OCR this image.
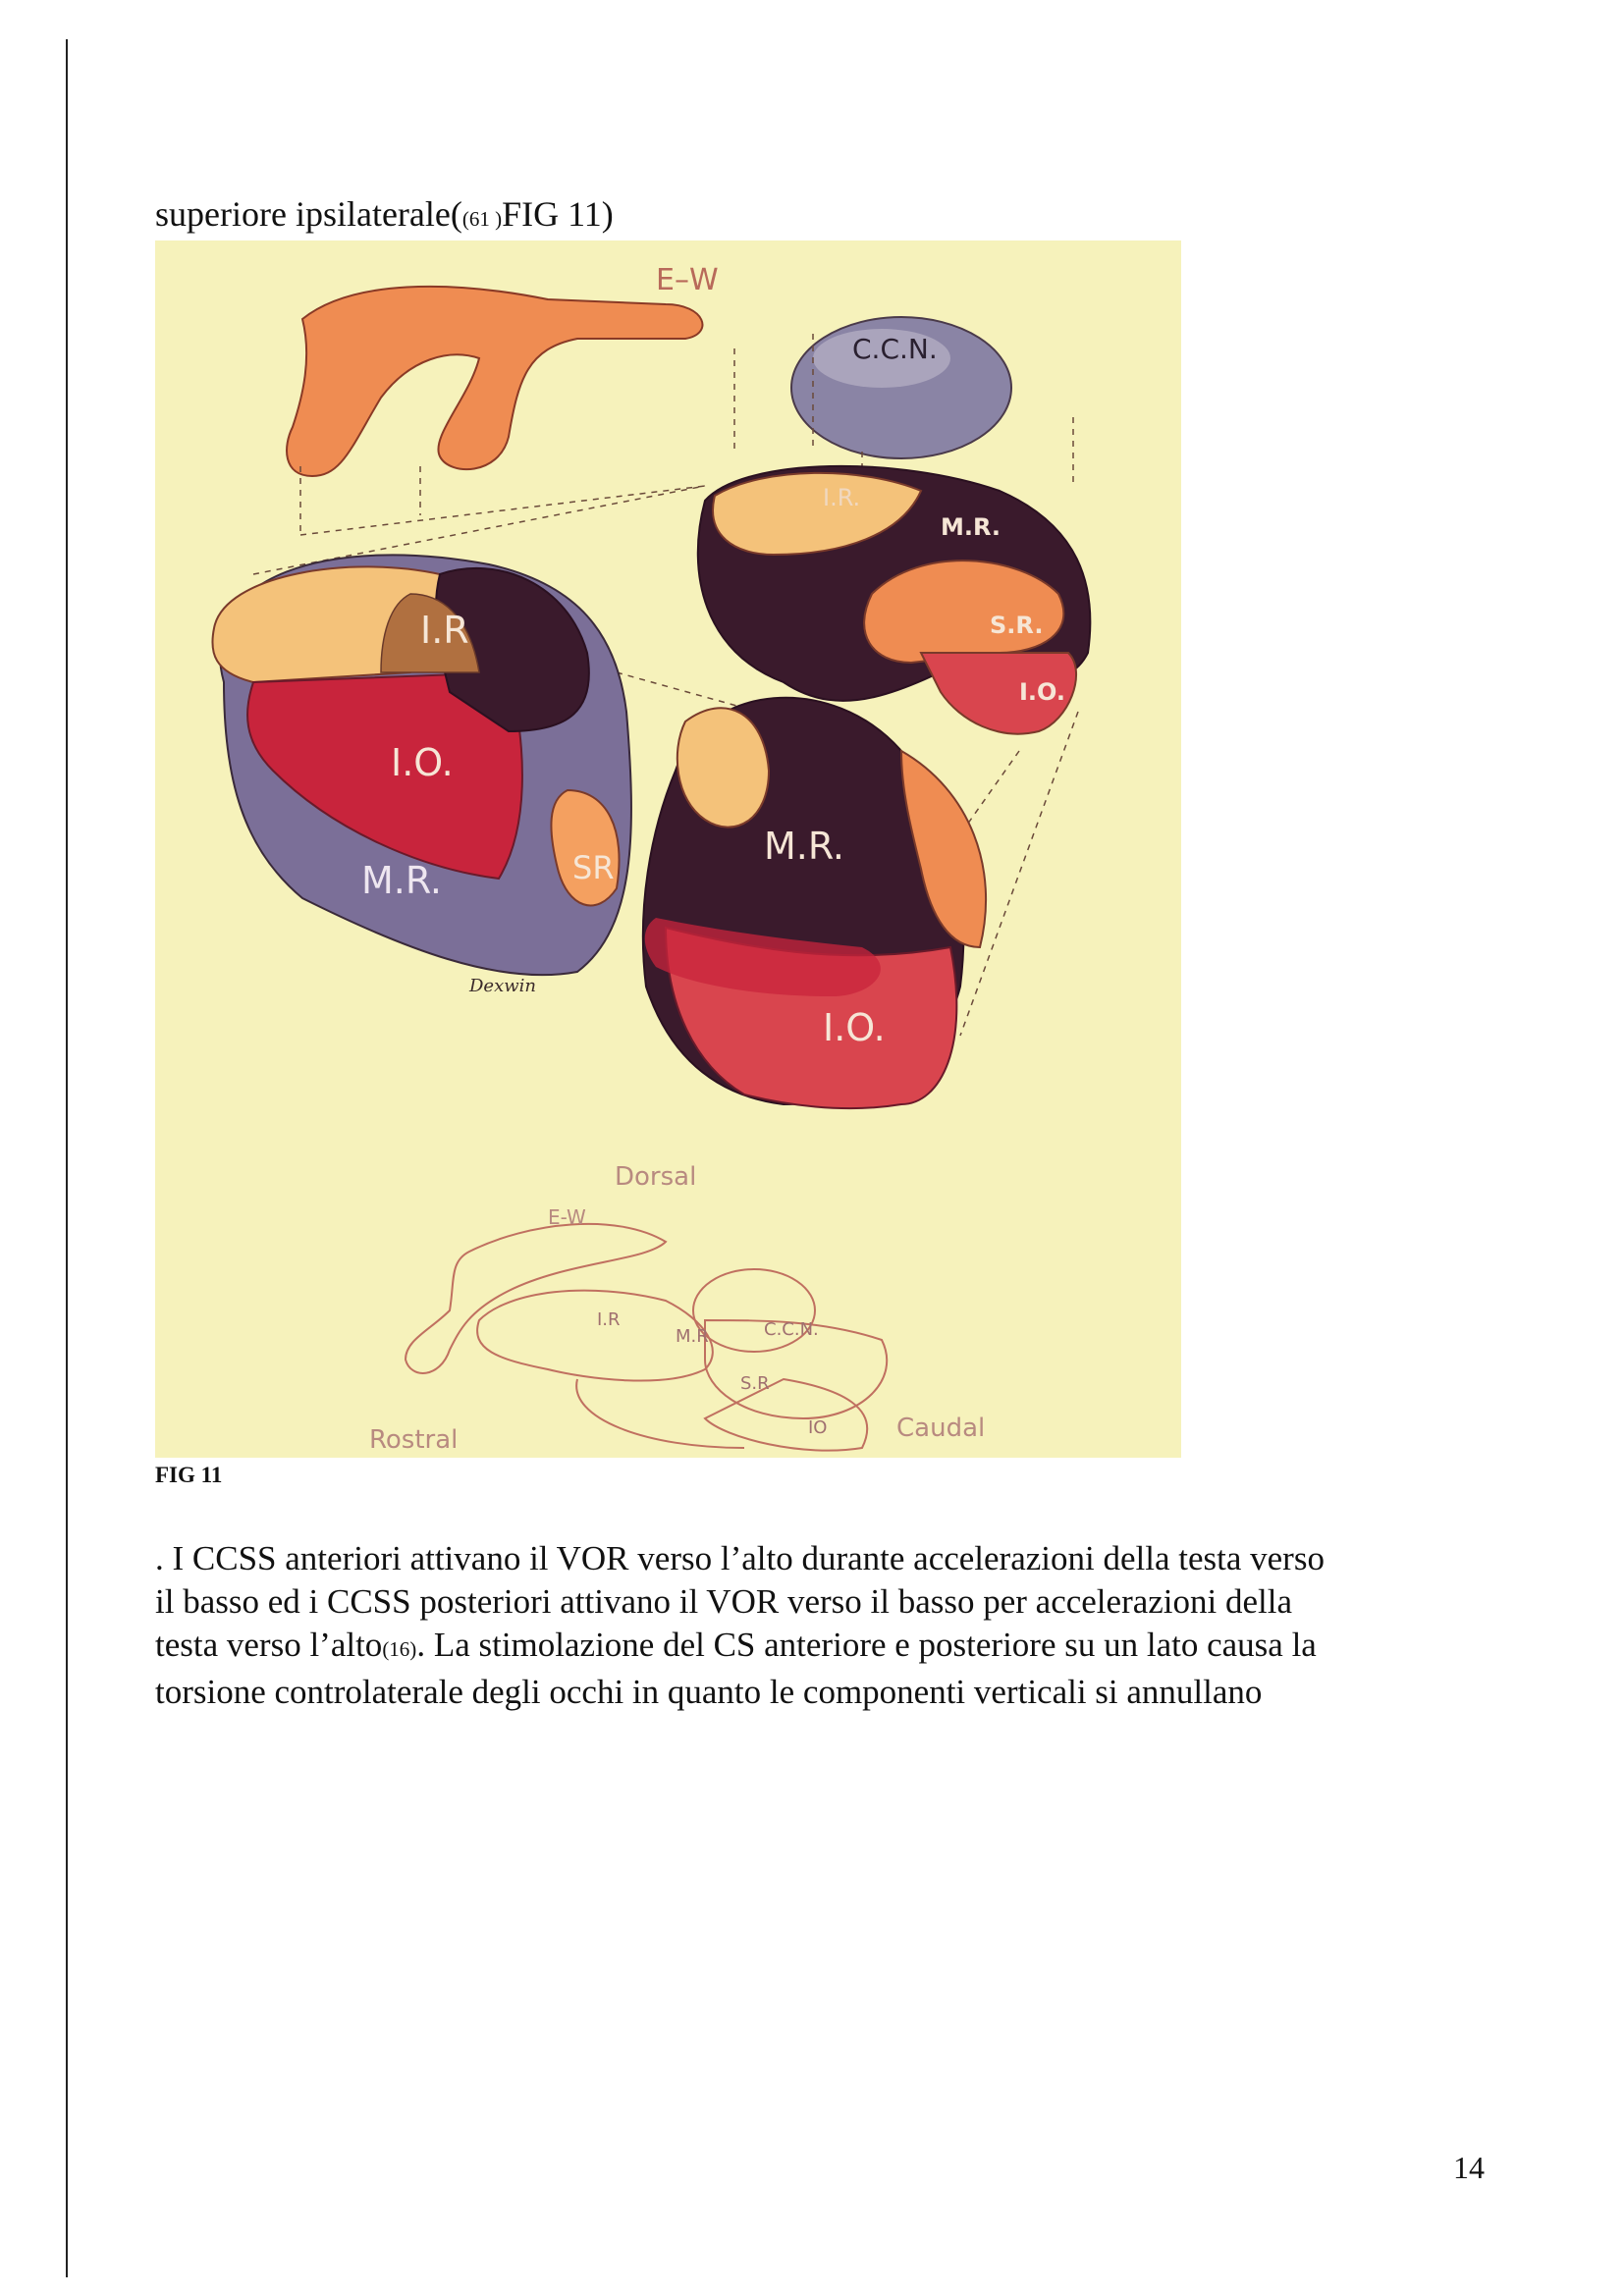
superiore ipsilaterale((61 )FIG 11)
E–W
C.C.N.
I.R.
M.R.
S.R.
I.O.
I.R
I.O.
M.R.	SR
Dexwin
M.R.
I.O.
Dorsal
E-W
I.R
M.R	C.C.N.
S.R
IO
Rostral	Caudal
FIG 11
. I CCSS anteriori attivano il VOR verso l’alto durante accelerazioni della testa verso
il basso ed i CCSS posteriori attivano il VOR verso il basso per accelerazioni della
testa verso l’alto(16). La stimolazione del CS anteriore e posteriore su un lato causa la
torsione controlaterale degli occhi in quanto le componenti verticali si annullano
14
